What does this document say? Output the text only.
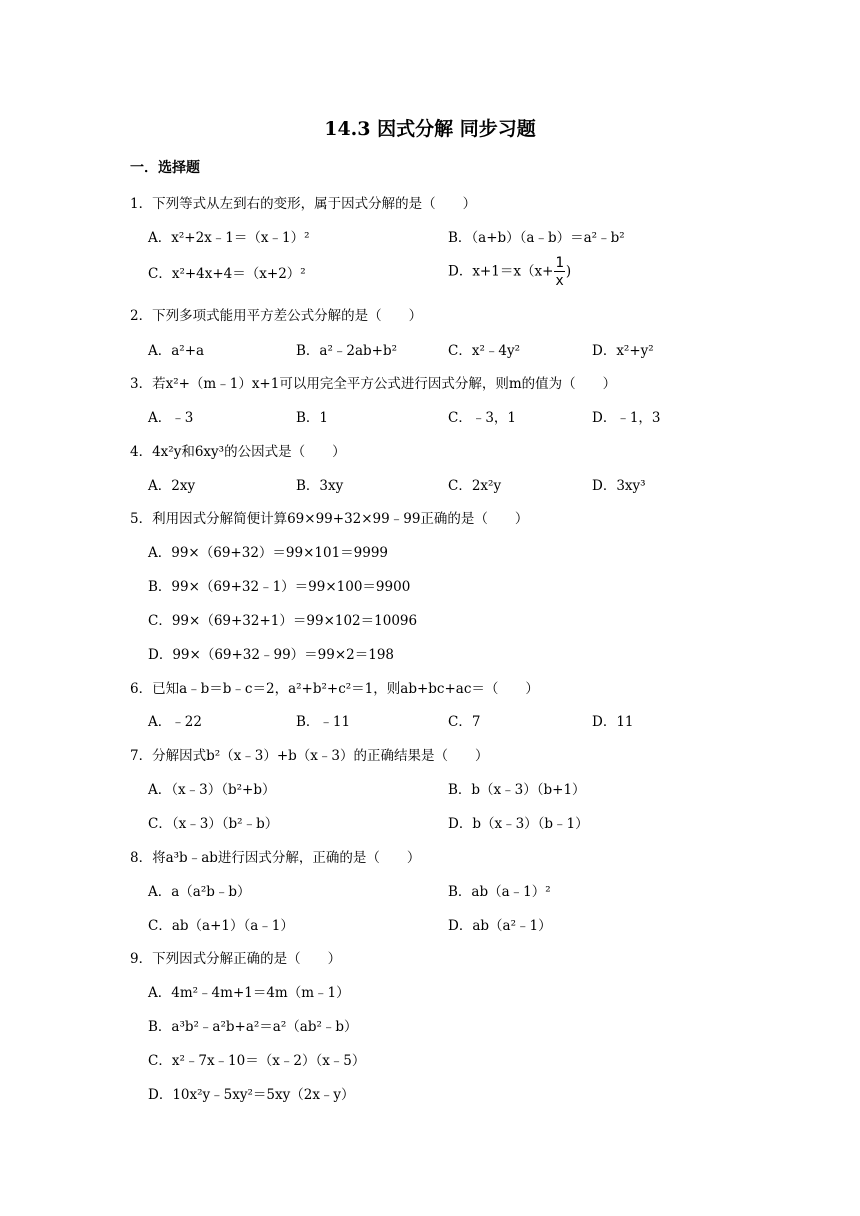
14.3 因式分解 同步习题
一．选择题
1．下列等式从左到右的变形，属于因式分解的是（　　）
A．x²+2x﹣1＝（x﹣1）²	B．（a+b）（a﹣b）＝a²﹣b²
C．x²+4x+4＝（x+2）²	D．$x+1=x(x+ \frac{1}{x}$ )
2．下列多项式能用平方差公式分解的是（　　）
A．a²+a	B．a²﹣2ab+b²	C．x²﹣4y²	D．x²+y²
3．若x²+（m﹣1）x+1可以用完全平方公式进行因式分解，则m的值为（　　）
A．﹣3	B．1	C．﹣3，1	D．﹣1，3
4．4x²y和6xy³的公因式是（　　）
A．2xy	B．3xy	C．2x²y	D．3xy³
5．利用因式分解简便计算69×99+32×99﹣99正确的是（　　）
A．99×（69+32）＝99×101＝9999
B．99×（69+32﹣1）＝99×100＝9900
C．99×（69+32+1）＝99×102＝10096
D．99×（69+32﹣99）＝99×2＝198
6．已知a﹣b＝b﹣c＝2，a²+b²+c²＝1，则ab+bc+ac＝（　　）
A．﹣22	B．﹣11	C．7	D．11
7．分解因式b²（x﹣3）+b（x﹣3）的正确结果是（　　）
A．（x﹣3）（b²+b）	B．b（x﹣3）（b+1）
C．（x﹣3）（b²﹣b）	D．b（x﹣3）（b﹣1）
8．将a³b﹣ab进行因式分解，正确的是（　　）
A．a（a²b﹣b）	B．ab（a﹣1）²
C．ab（a+1）（a﹣1）	D．ab（a²﹣1）
9．下列因式分解正确的是（　　）
A．4m²﹣4m+1＝4m（m﹣1）
B．a³b²﹣a²b+a²＝a²（ab²﹣b）
C．x²﹣7x﹣10＝（x﹣2）（x﹣5）
D．10x²y﹣5xy²＝5xy（2x﹣y）
